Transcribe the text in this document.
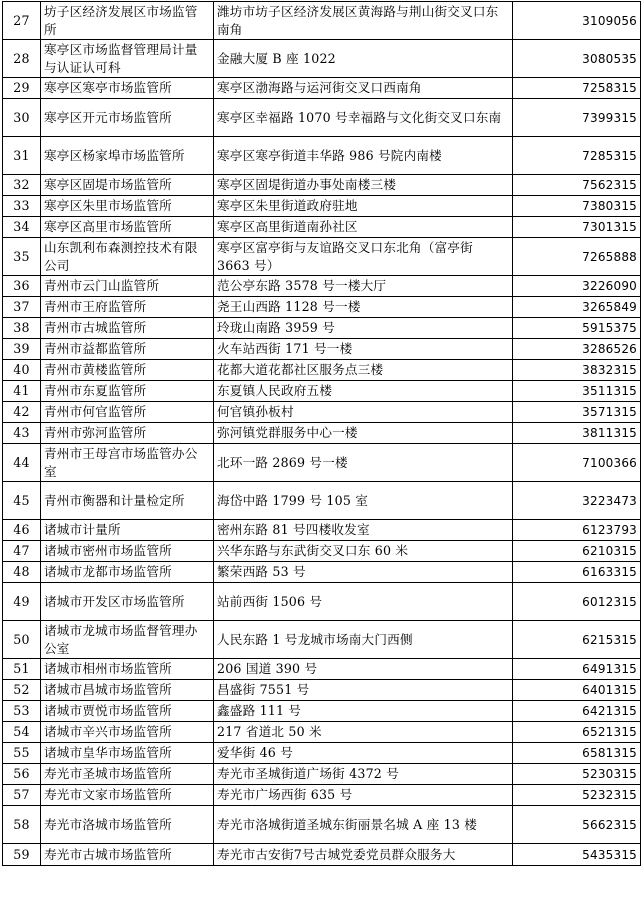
27	坊子区经济发展区市场监管所	潍坊市坊子区经济发展区黄海路与荆山街交叉口东南角	3109056
28	寒亭区市场监督管理局计量与认证认可科	金融大厦 B 座 1022	3080535
29	寒亭区寒亭市场监管所	寒亭区渤海路与运河街交叉口西南角	7258315
30	寒亭区开元市场监管所	寒亭区幸福路 1070 号幸福路与文化街交叉口东南	7399315
31	寒亭区杨家埠市场监管所	寒亭区寒亭街道丰华路 986 号院内南楼	7285315
32	寒亭区固堤市场监管所	寒亭区固堤街道办事处南楼三楼	7562315
33	寒亭区朱里市场监管所	寒亭区朱里街道政府驻地	7380315
34	寒亭区高里市场监管所	寒亭区高里街道南孙社区	7301315
35	山东凯利布森测控技术有限公司	寒亭区富亭街与友谊路交叉口东北角（富亭街 3663 号）	7265888
36	青州市云门山监管所	范公亭东路 3578 号一楼大厅	3226090
37	青州市王府监管所	尧王山西路 1128 号一楼	3265849
38	青州市古城监管所	玲珑山南路 3959 号	5915375
39	青州市益都监管所	火车站西街 171 号一楼	3286526
40	青州市黄楼监管所	花都大道花都社区服务点三楼	3832315
41	青州市东夏监管所	东夏镇人民政府五楼	3511315
42	青州市何官监管所	何官镇孙板村	3571315
43	青州市弥河监管所	弥河镇党群服务中心一楼	3811315
44	青州市王母宫市场监管办公室	北环一路 2869 号一楼	7100366
45	青州市衡器和计量检定所	海岱中路 1799 号 105 室	3223473
46	诸城市计量所	密州东路 81 号四楼收发室	6123793
47	诸城市密州市场监管所	兴华东路与东武街交叉口东 60 米	6210315
48	诸城市龙都市场监管所	繁荣西路 53 号	6163315
49	诸城市开发区市场监管所	站前西街 1506 号	6012315
50	诸城市龙城市场监督管理办公室	人民东路 1 号龙城市场南大门西侧	6215315
51	诸城市相州市场监管所	206 国道 390 号	6491315
52	诸城市昌城市场监管所	昌盛街 7551 号	6401315
53	诸城市贾悦市场监管所	鑫盛路 111 号	6421315
54	诸城市辛兴市场监管所	217 省道北 50 米	6521315
55	诸城市皇华市场监管所	爱华街 46 号	6581315
56	寿光市圣城市场监管所	寿光市圣城街道广场街 4372 号	5230315
57	寿光市文家市场监管所	寿光市广场西街 635 号	5232315
58	寿光市洛城市场监管所	寿光市洛城街道圣城东街丽景名城 A 座 13 楼	5662315
59	寿光市古城市场监管所	寿光市古安街7号古城党委党员群众服务大	5435315
